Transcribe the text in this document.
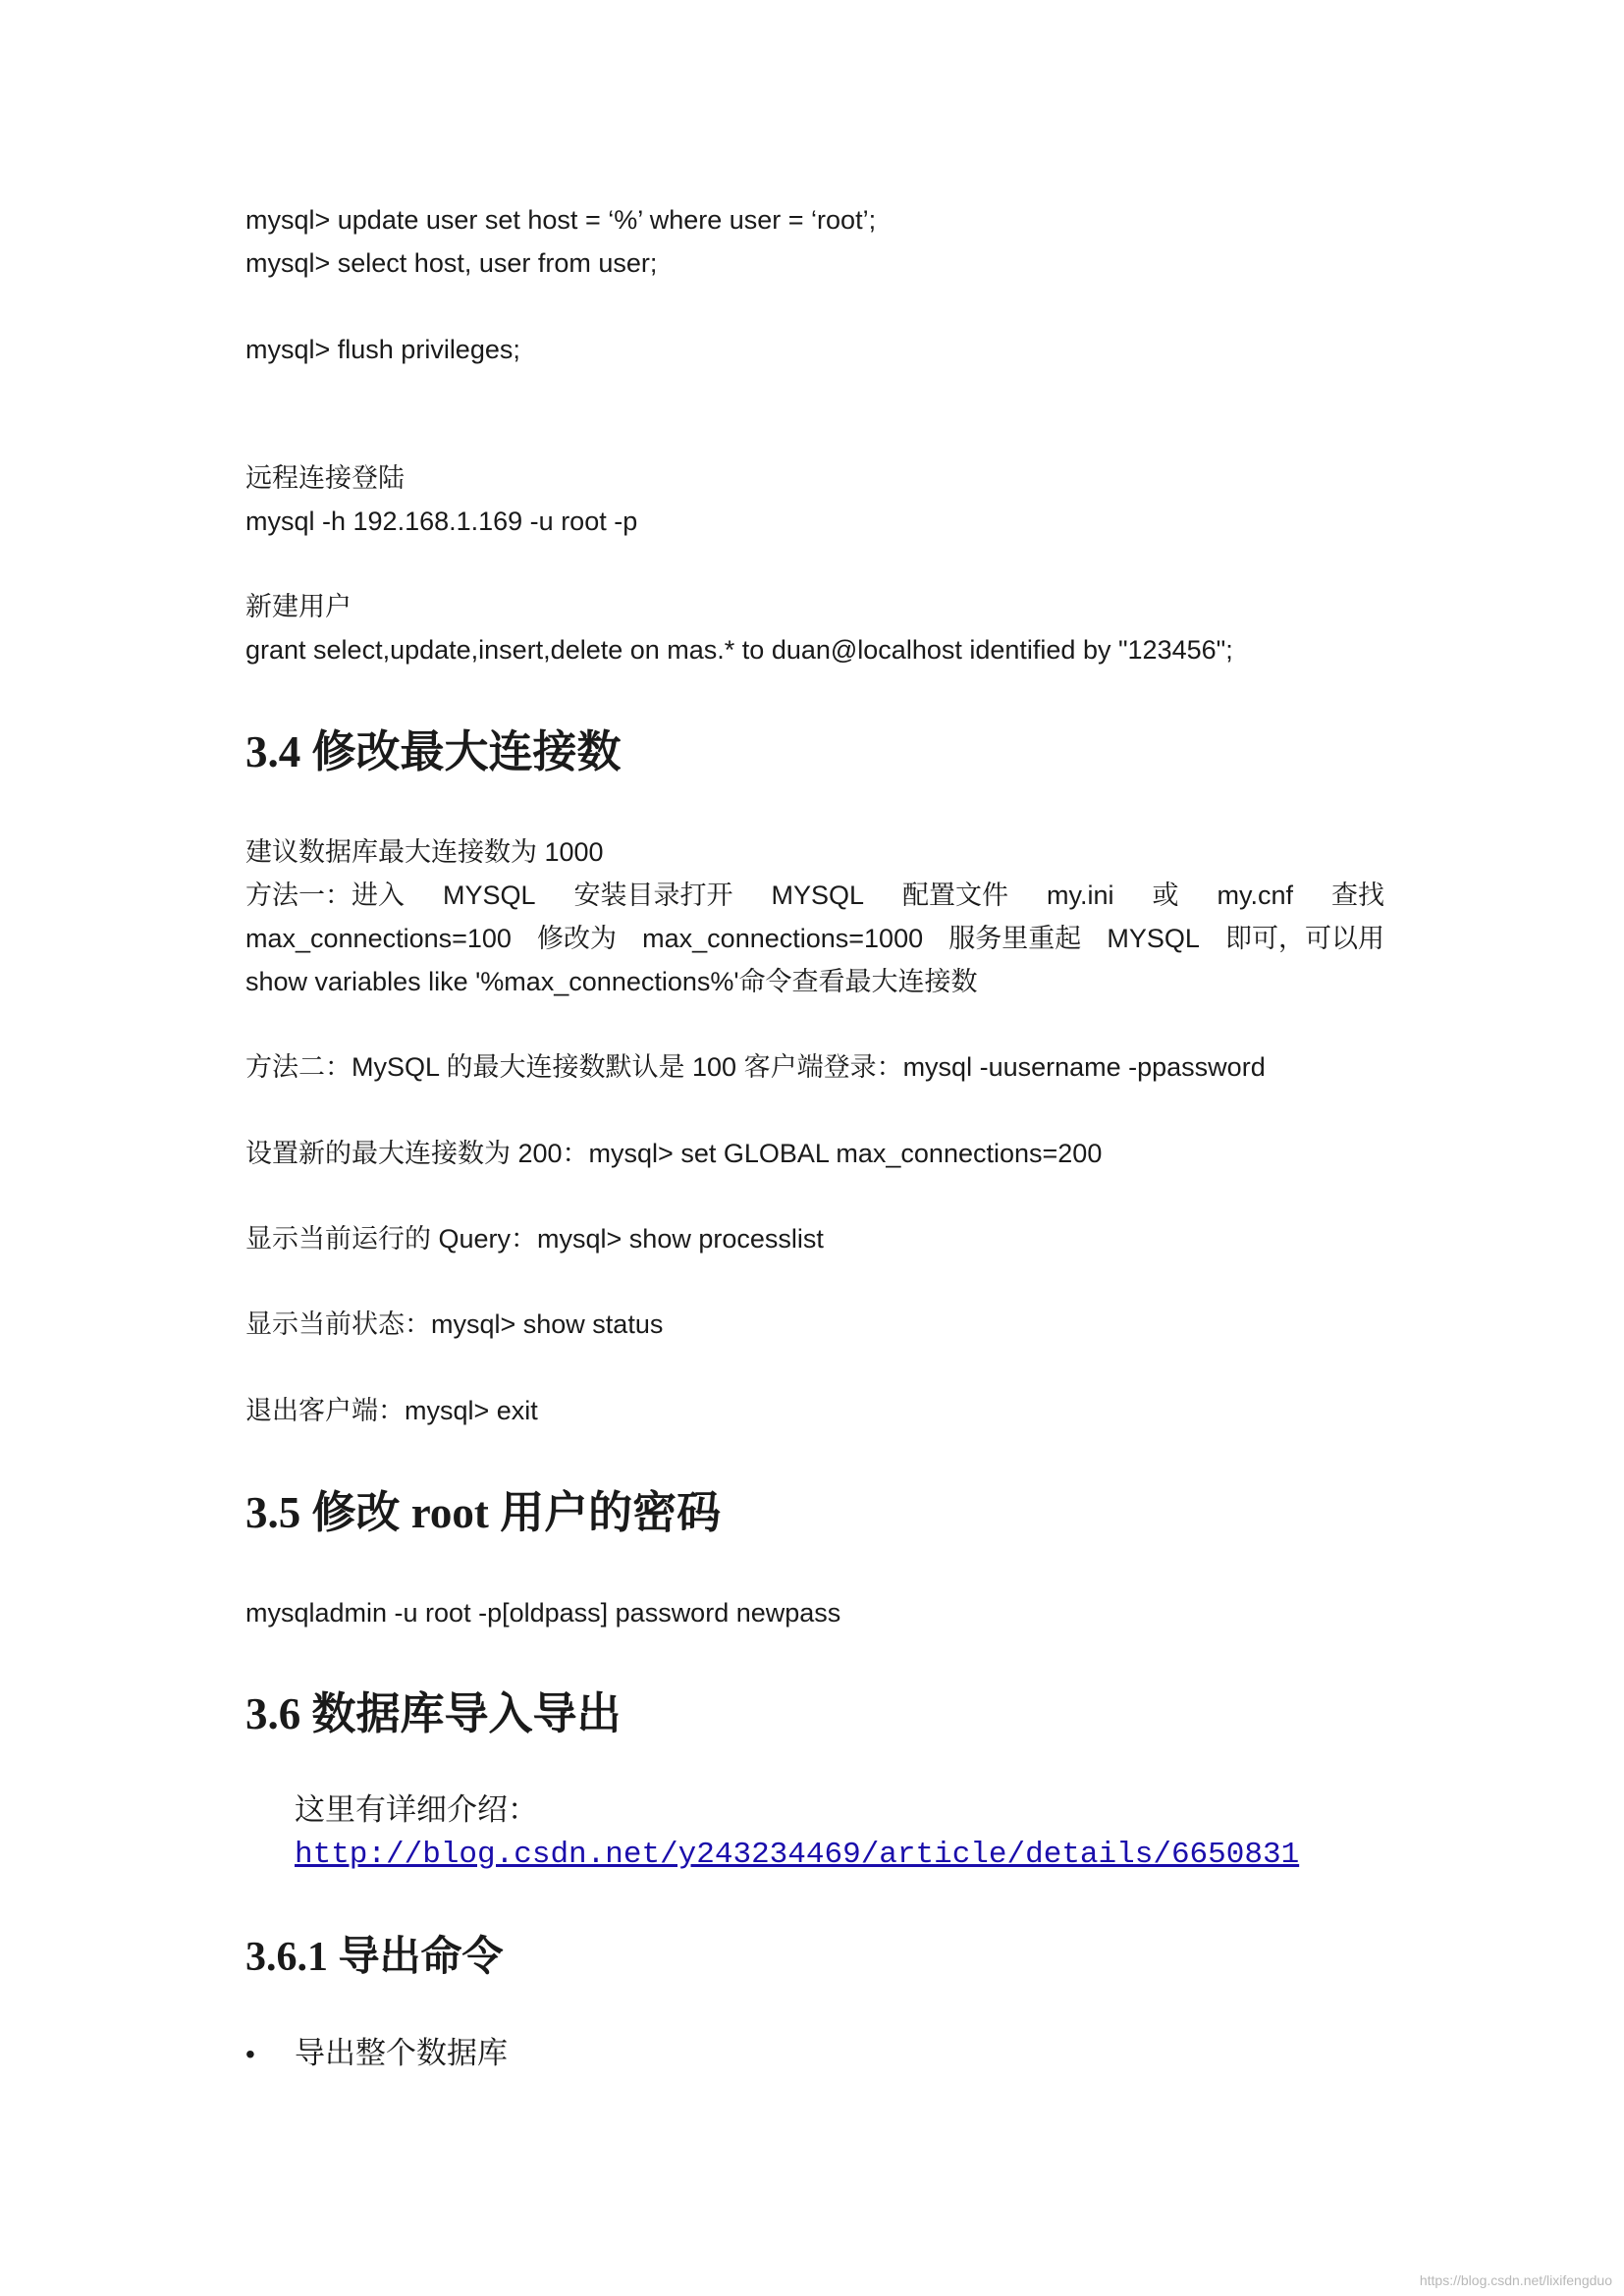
mysql> update user set host = ‘%’ where user = ‘root’;
mysql> select host, user from user;
mysql> flush privileges;
远程连接登陆
mysql -h 192.168.1.169 -u root -p
新建用户
grant select,update,insert,delete on mas.* to duan@localhost identified by "123456";
3.4 修改最大连接数
建议数据库最大连接数为 1000
方法一：进入 MYSQL 安装目录打开 MYSQL 配置文件 my.ini 或 my.cnf 查找
max_connections=100 修改为 max_connections=1000 服务里重起 MYSQL 即可，可以用
show variables like '%max_connections%'命令查看最大连接数
方法二：MySQL 的最大连接数默认是 100 客户端登录：mysql -uusername -ppassword
设置新的最大连接数为 200：mysql> set GLOBAL max_connections=200
显示当前运行的 Query：mysql> show processlist
显示当前状态：mysql> show status
退出客户端：mysql> exit
3.5 修改 root 用户的密码
mysqladmin -u root -p[oldpass] password newpass
3.6 数据库导入导出
这里有详细介绍：
http://blog.csdn.net/y243234469/article/details/6650831
3.6.1 导出命令
• 导出整个数据库
https://blog.csdn.net/lixifengduo
